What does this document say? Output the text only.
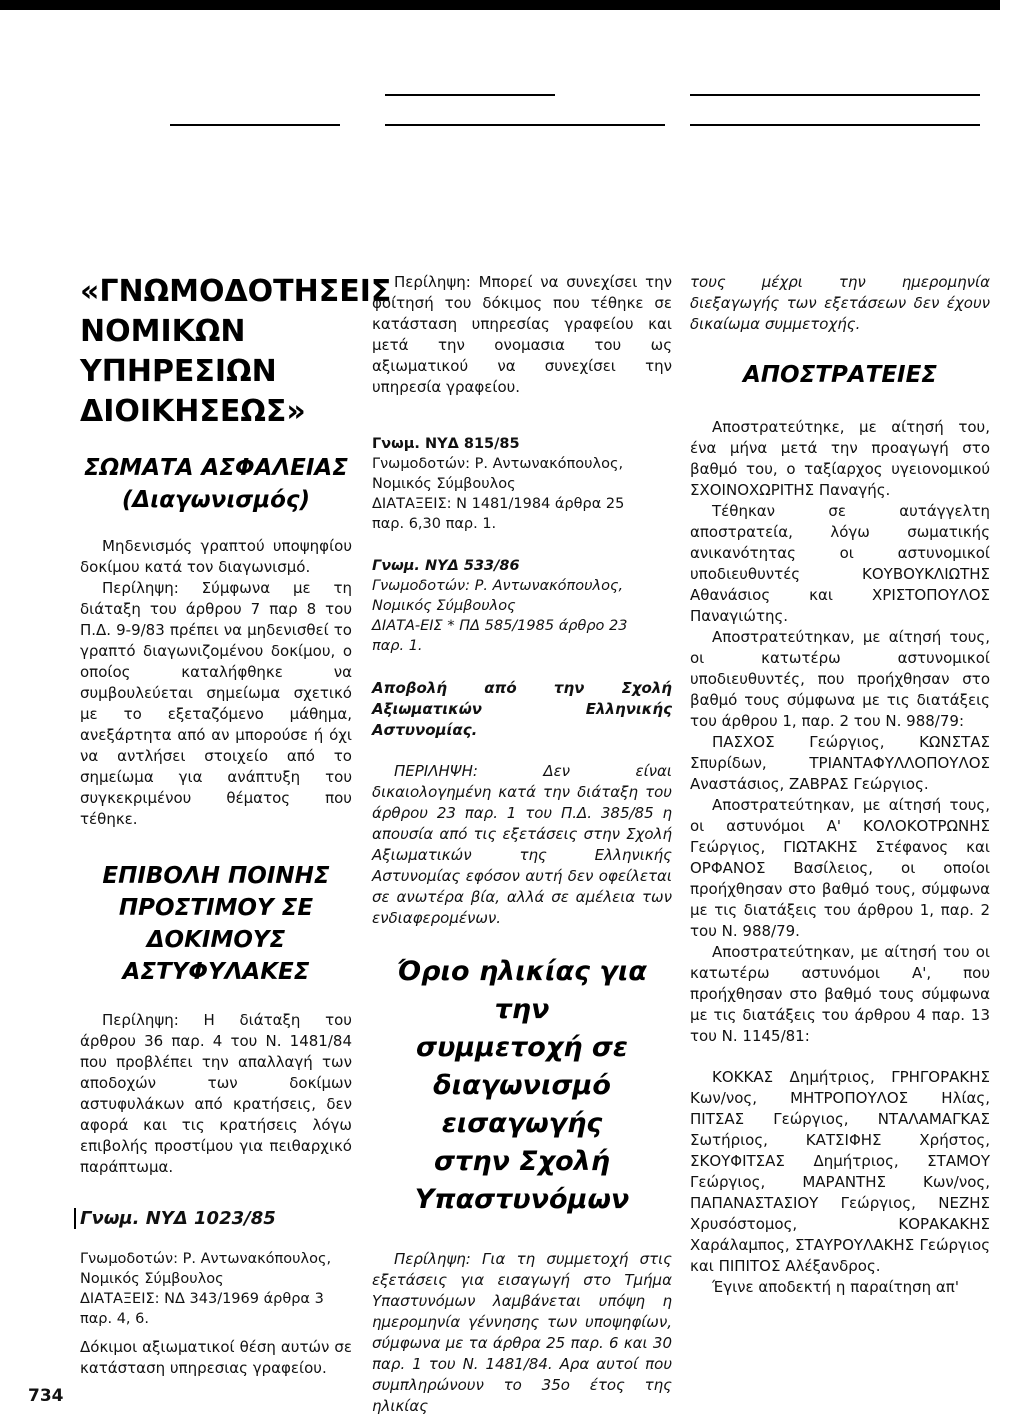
«ΓΝΩΜΟΔΟΤΗΣΕΙΣ
ΝΟΜΙΚΩΝ
ΥΠΗΡΕΣΙΩΝ
ΔΙΟΙΚΗΣΕΩΣ»
ΣΩΜΑΤΑ ΑΣΦΑΛΕΙΑΣ
(Διαγωνισμός)

Μηδενισμός γραπτού υποψηφίου δοκίμου κατά τον διαγωνισμό.

Περίληψη: Σύμφωνα με τη διάταξη του άρθρου 7 παρ 8 του Π.Δ. 9-9/83 πρέπει να μηδενισθεί το γραπτό διαγωνιζομένου δοκίμου, ο οποίος καταλήφθηκε να συμβουλεύεται σημείωμα σχετικό με το εξεταζόμενο μάθημα, ανεξάρτητα από αν μπορούσε ή όχι να αντλήσει στοιχείο από το σημείωμα για ανάπτυξη του συγκεκριμένου θέματος που τέθηκε.

ΕΠΙΒΟΛΗ ΠΟΙΝΗΣ
ΠΡΟΣΤΙΜΟΥ ΣΕ
ΔΟΚΙΜΟΥΣ
ΑΣΤΥΦΥΛΑΚΕΣ

Περίληψη: Η διάταξη του άρθρου 36 παρ. 4 του Ν. 1481/84 που προβλέπει την απαλλαγή των αποδοχών των δοκίμων αστυφυλάκων από κρατήσεις, δεν αφορά και τις κρατήσεις λόγω επιβολής προστίμου για πειθαρχικό παράπτωμα.

Γνωμ. ΝΥΔ 1023/85
Γνωμοδοτών: Ρ. Αντωνακόπουλος,
Νομικός Σύμβουλος
ΔΙΑΤΑΞΕΙΣ: ΝΔ 343/1969 άρθρα 3
παρ. 4, 6.

Δόκιμοι αξιωματικοί θέση αυτών σε κατάσταση υπηρεσιας γραφείου.

Περίληψη: Μπορεί να συνεχίσει την φοίτησή του δόκιμος που τέθηκε σε κατάσταση υπηρεσίας γραφείου και μετά την ονομασια του ως αξιωματικού να συνεχίσει την υπηρεσία γραφείου.

Γνωμ. ΝΥΔ 815/85
Γνωμοδοτών: Ρ. Αντωνακόπουλος,
Νομικός Σύμβουλος
ΔΙΑΤΑΞΕΙΣ: Ν 1481/1984 άρθρα 25
παρ. 6,30 παρ. 1.
Γνωμ. ΝΥΔ 533/86
Γνωμοδοτών: Ρ. Αντωνακόπουλος,
Νομικός Σύμβουλος
ΔΙΑΤΑ-ΕΙΣ * ΠΔ 585/1985 άρθρο 23
παρ. 1.

Αποβολή από την Σχολή Αξιωματικών Ελληνικής Αστυνομίας.

ΠΕΡΙΛΗΨΗ: Δεν είναι δικαιολογημένη κατά την διάταξη του άρθρου 23 παρ. 1 του Π.Δ. 385/85 η απουσία από τις εξετάσεις στην Σχολή Αξιωματικών της Ελληνικής Αστυνομίας εφόσον αυτή δεν οφείλεται σε ανωτέρα βία, αλλά σε αμέλεια των ενδιαφερομένων.

Όριο ηλικίας για την
συμμετοχή σε
διαγωνισμό εισαγωγής
στην Σχολή
Υπαστυνόμων

Περίληψη: Για τη συμμετοχή στις εξετάσεις για εισαγωγή στο Τμήμα Υπαστυνόμων λαμβάνεται υπόψη η ημερομηνία γέννησης των υποψηφίων, σύμφωνα με τα άρθρα 25 παρ. 6 και 30 παρ. 1 του Ν. 1481/84. Αρα αυτοί που συμπληρώνουν το 35ο έτος της ηλικίας

τους μέχρι την ημερομηνία διεξαγωγής των εξετάσεων δεν έχουν δικαίωμα συμμετοχής.

ΑΠΟΣΤΡΑΤΕΙΕΣ

Αποστρατεύτηκε, με αίτησή του, ένα μήνα μετά την προαγωγή στο βαθμό του, ο ταξίαρχος υγειονομικού ΣΧΟΙΝΟΧΩΡΙΤΗΣ Παναγής.

Τέθηκαν σε αυτάγγελτη αποστρατεία, λόγω σωματικής ανικανότητας οι αστυνομικοί υποδιευθυντές ΚΟΥΒΟΥΚΛΙΩΤΗΣ Αθανάσιος και ΧΡΙΣΤΟΠΟΥΛΟΣ Παναγιώτης.

Αποστρατεύτηκαν, με αίτησή τους, οι κατωτέρω αστυνομικοί υποδιευθυντές, που προήχθησαν στο βαθμό τους σύμφωνα με τις διατάξεις του άρθρου 1, παρ. 2 του Ν. 988/79:

ΠΑΣΧΟΣ Γεώργιος, ΚΩΝΣΤΑΣ Σπυρίδων, ΤΡΙΑΝΤΑΦΥΛΛΟΠΟΥΛΟΣ Αναστάσιος, ΖΑΒΡΑΣ Γεώργιος.

Αποστρατεύτηκαν, με αίτησή τους, οι αστυνόμοι Α' ΚΟΛΟΚΟΤΡΩΝΗΣ Γεώργιος, ΓΙΩΤΑΚΗΣ Στέφανος και ΟΡΦΑΝΟΣ Βασίλειος, οι οποίοι προήχθησαν στο βαθμό τους, σύμφωνα με τις διατάξεις του άρθρου 1, παρ. 2 του Ν. 988/79.

Αποστρατεύτηκαν, με αίτησή του οι κατωτέρω αστυνόμοι Α', που προήχθησαν στο βαθμό τους σύμφωνα με τις διατάξεις του άρθρου 4 παρ. 13 του Ν. 1145/81:

ΚΟΚΚΑΣ Δημήτριος, ΓΡΗΓΟΡΑΚΗΣ Κων/νος, ΜΗΤΡΟΠΟΥΛΟΣ Ηλίας, ΠΙΤΣΑΣ Γεώργιος, ΝΤΑΛΑΜΑΓΚΑΣ Σωτήριος, ΚΑΤΣΙΦΗΣ Χρήστος, ΣΚΟΥΦΙΤΣΑΣ Δημήτριος, ΣΤΑΜΟΥ Γεώργιος, ΜΑΡΑΝΤΗΣ Κων/νος, ΠΑΠΑΝΑΣΤΑΣΙΟΥ Γεώργιος, ΝΕΖΗΣ Χρυσόστομος, ΚΟΡΑΚΑΚΗΣ Χαράλαμπος, ΣΤΑΥΡΟΥΛΑΚΗΣ Γεώργιος και ΠΙΠΙΤΟΣ Αλέξανδρος.

Έγινε αποδεκτή η παραίτηση απ'

734
